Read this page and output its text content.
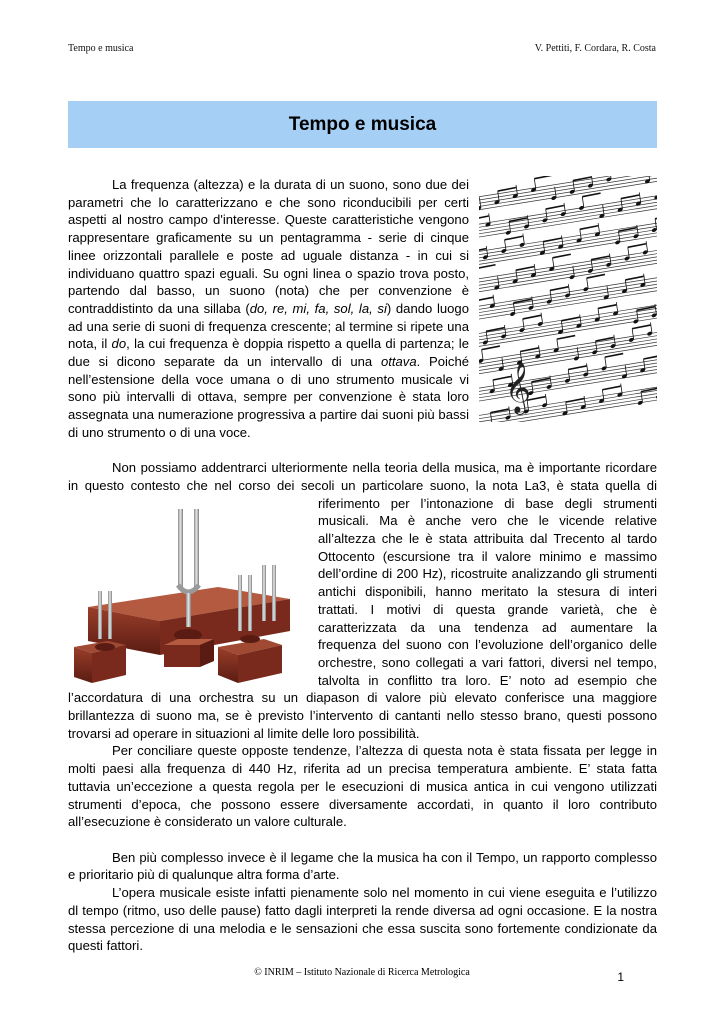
Tempo e musica	V. Pettiti, F. Cordara, R. Costa
Tempo e musica

𝄞
La frequenza (altezza) e la durata di un suono, sono due dei parametri che lo caratterizzano e che sono riconducibili per certi aspetti al nostro campo d'interesse. Queste caratteristiche vengono rappresentare graficamente su un pentagramma - serie di cinque linee orizzontali parallele e poste ad uguale distanza - in cui si individuano quattro spazi eguali. Su ogni linea o spazio trova posto, partendo dal basso, un suono (nota) che per convenzione è contraddistinto da una sillaba (do, re, mi, fa, sol, la, si) dando luogo ad una serie di suoni di frequenza crescente; al termine si ripete una nota, il do, la cui frequenza è doppia rispetto a quella di partenza; le due si dicono separate da un intervallo di una ottava. Poiché nell’estensione della voce umana o di uno strumento musicale vi sono più intervalli di ottava, sempre per convenzione è stata loro assegnata una numerazione progressiva a partire dai suoni più bassi di uno strumento o di una voce.

Non possiamo addentrarci ulteriormente nella teoria della musica, ma è importante ricordare in questo contesto che nel corso dei secoli un particolare suono, la nota La3, è stata
quella di riferimento per l’intonazione di base degli strumenti musicali. Ma è anche vero che le vicende relative all’altezza che le è stata attribuita dal Trecento al tardo Ottocento (escursione tra il valore minimo e massimo dell’ordine di 200 Hz), ricostruite analizzando gli strumenti antichi disponibili, hanno meritato la stesura di interi trattati. I motivi di questa grande varietà, che è caratterizzata da una tendenza ad aumentare la frequenza del suono con l’evoluzione dell’organico delle orchestre, sono collegati a vari fattori, diversi nel tempo, talvolta in conflitto tra loro. E’ noto ad esempio che l’accordatura di una orchestra su un diapason di valore più elevato conferisce una maggiore brillantezza di suono ma, se è previsto l’intervento di cantanti nello stesso brano, questi possono trovarsi ad operare in situazioni al limite delle loro possibilità.

Per conciliare queste opposte tendenze, l’altezza di questa nota è stata fissata per legge in molti paesi alla frequenza di 440 Hz, riferita ad un precisa temperatura ambiente. E’ stata fatta tuttavia un’eccezione a questa regola per le esecuzioni di musica antica in cui vengono utilizzati strumenti d’epoca, che possono essere diversamente accordati, in quanto il loro contributo all’esecuzione è considerato un valore culturale.

Ben più complesso invece è il legame che la musica ha con il Tempo, un rapporto complesso e prioritario più di qualunque altra forma d’arte.

L’opera musicale esiste infatti pienamente solo nel momento in cui viene eseguita e l’utilizzo dl tempo (ritmo, uso delle pause) fatto dagli interpreti la rende diversa ad ogni occasione. E la nostra stessa percezione di una melodia e le sensazioni che essa suscita sono fortemente condizionate da questi fattori.

© INRIM – Istituto Nazionale di Ricerca Metrologica	1
